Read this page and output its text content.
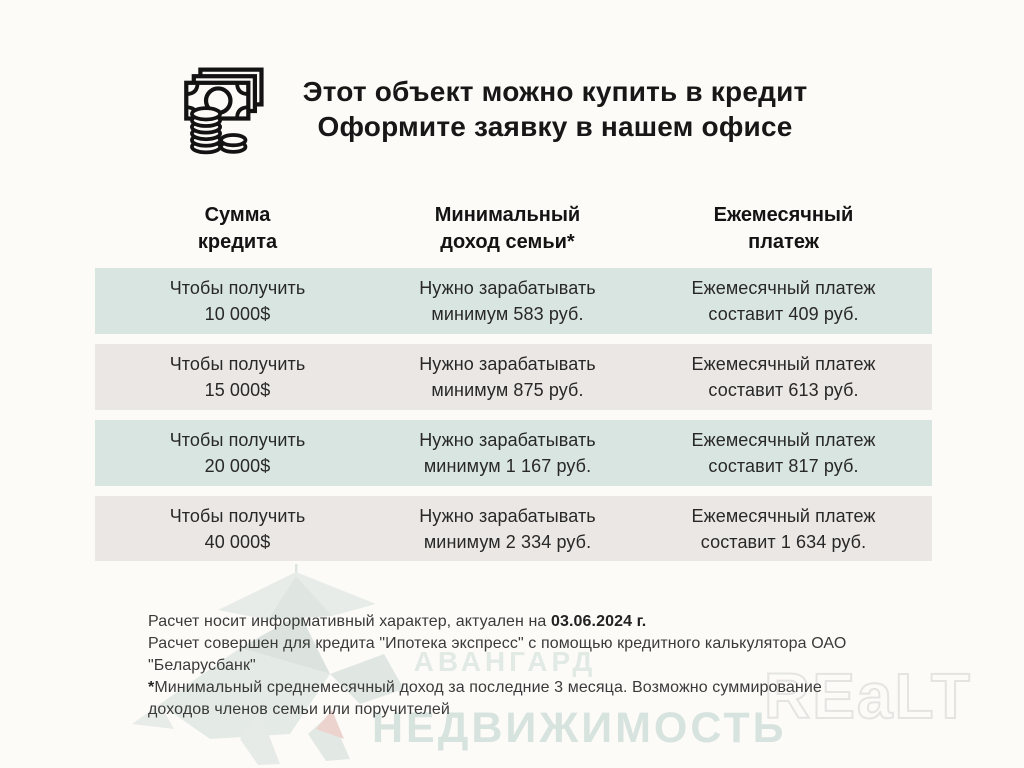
АВАНГАРД
НЕДВИЖИМОСТЬ
REaLT
Этот объект можно купить в кредит
Оформите заявку в нашем офисе
Сумма
кредита
Минимальный
доход семьи*
Ежемесячный
платеж
Чтобы получить
10 000$
Нужно зарабатывать
минимум 583 руб.
Ежемесячный платеж
составит 409 руб.
Чтобы получить
15 000$
Нужно зарабатывать
минимум 875 руб.
Ежемесячный платеж
составит 613 руб.
Чтобы получить
20 000$
Нужно зарабатывать
минимум 1 167 руб.
Ежемесячный платеж
составит 817 руб.
Чтобы получить
40 000$
Нужно зарабатывать
минимум 2 334 руб.
Ежемесячный платеж
составит 1 634 руб.
Расчет носит информативный характер, актуален на 03.06.2024 г.
Расчет совершен для кредита "Ипотека экспресс" с помощью кредитного калькулятора ОАО
"Беларусбанк"
*Минимальный среднемесячный доход за последние 3 месяца. Возможно суммирование
доходов членов семьи или поручителей
